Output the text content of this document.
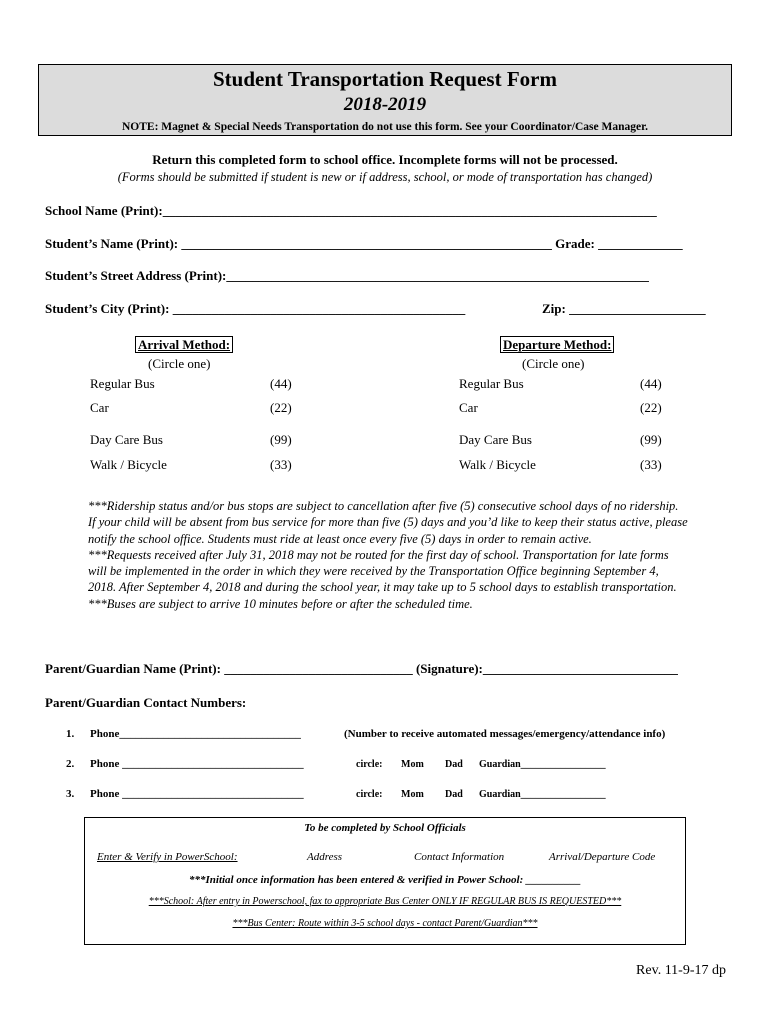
Student Transportation Request Form
2018-2019
NOTE: Magnet & Special Needs Transportation do not use this form. See your Coordinator/Case Manager.
Return this completed form to school office. Incomplete forms will not be processed.
(Forms should be submitted if student is new or if address, school, or mode of transportation has changed)
School Name (Print):____________________________________________________________________________
Student’s Name (Print): _________________________________________________________ Grade: _____________
Student’s Street Address (Print):_________________________________________________________________
Student’s City (Print): _____________________________________________	Zip: _____________________
Arrival Method:
(Circle one)
Regular Bus	(44)
Car	(22)
Day Care Bus	(99)
Walk / Bicycle	(33)
Departure Method:
(Circle one)
Regular Bus	(44)
Car	(22)
Day Care Bus	(99)
Walk / Bicycle	(33)

***Ridership status and/or bus stops are subject to cancellation after five (5) consecutive school days of no ridership. If your child will be absent from bus service for more than five (5) days and you’d like to keep their status active, please notify the school office. Students must ride at least once every five (5) days in order to remain active.

***Requests received after July 31, 2018 may not be routed for the first day of school. Transportation for late forms will be implemented in the order in which they were received by the Transportation Office beginning September 4, 2018. After September 4, 2018 and during the school year, it may take up to 5 school days to establish transportation.

***Buses are subject to arrive 10 minutes before or after the scheduled time.

Parent/Guardian Name (Print): _____________________________ (Signature):______________________________
Parent/Guardian Contact Numbers:
1. Phone_________________________________	(Number to receive automated messages/emergency/attendance info)
2. Phone _________________________________	circle: Mom Dad Guardian_________________
3. Phone _________________________________	circle: Mom Dad Guardian_________________
To be completed by School Officials
Enter & Verify in PowerSchool:	Address	Contact Information	Arrival/Departure Code
***Initial once information has been entered & verified in Power School: __________
***School: After entry in Powerschool, fax to appropriate Bus Center ONLY IF REGULAR BUS IS REQUESTED***
***Bus Center: Route within 3-5 school days - contact Parent/Guardian***
Rev. 11-9-17 dp
